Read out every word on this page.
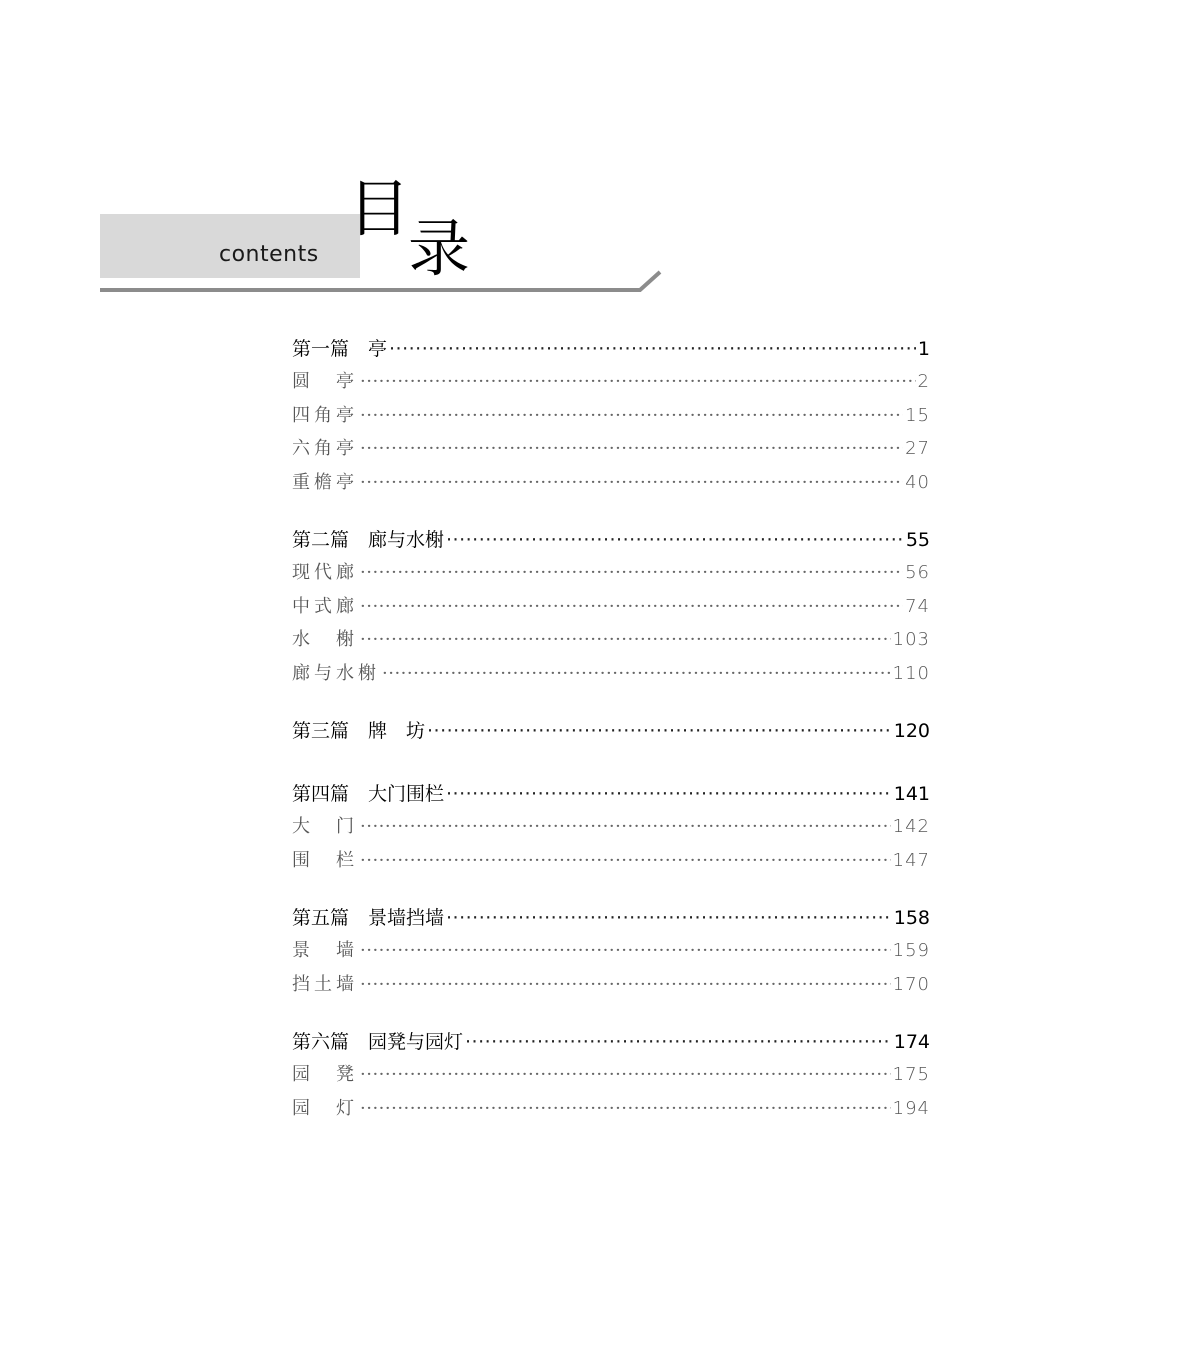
contents
目
录
第一篇　亭 ·····	1
圆　亭 ·····	2
四角亭 ·····	15
六角亭 ·····	27
重檐亭 ·····	40
第二篇　廊与水榭 ·····	55
现代廊 ·····	56
中式廊 ·····	74
水　榭 ·····	103
廊与水榭 ·····	110
第三篇　牌　坊 ·····	120
第四篇　大门围栏 ·····	141
大　门 ·····	142
围　栏 ·····	147
第五篇　景墙挡墙 ·····	158
景　墙 ·····	159
挡土墙 ·····	170
第六篇　园凳与园灯 ·····	174
园　凳 ·····	175
园　灯 ·····	194
